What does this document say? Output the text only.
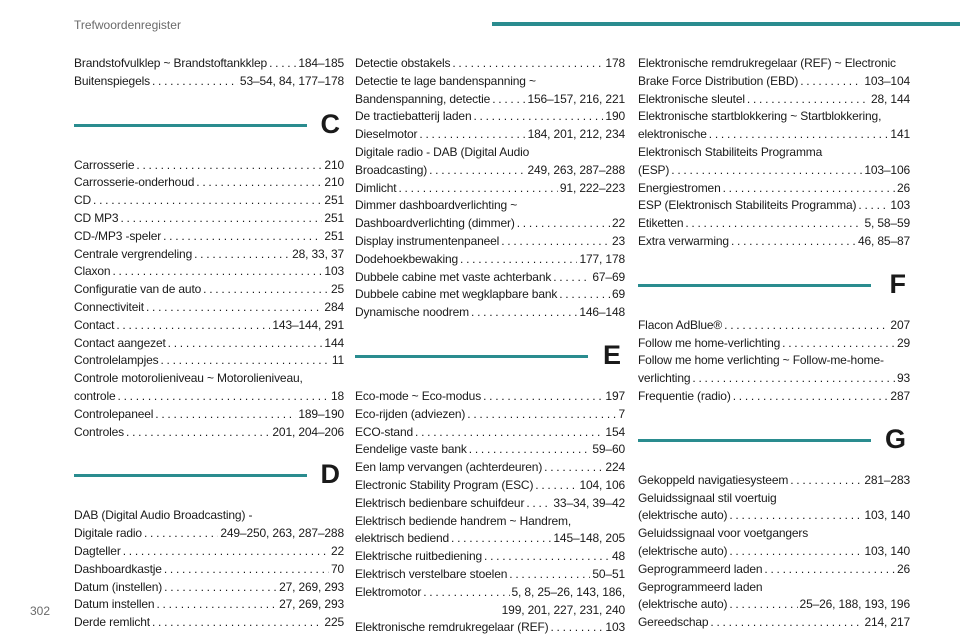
Trefwoordenregister
Brandstofvulklep ~ Brandstoftankklep . . .	184–185
Buitenspiegels . . .	53–54, 84, 177–178
C
Carrosserie . . .	210
Carrosserie-onderhoud . . .	210
CD . . .	251
CD MP3 . . .	251
CD-/MP3 -speler . . .	251
Centrale vergrendeling . . .	28, 33, 37
Claxon . . .	103
Configuratie van de auto . . .	25
Connectiviteit . . .	284
Contact . . .	143–144, 291
Contact aangezet . . .	144
Controlelampjes . . .	11
Controle motorolieniveau ~ Motorolieniveau,
controle . . .	18
Controlepaneel . . .	189–190
Controles . . .	201, 204–206
D
DAB (Digital Audio Broadcasting) -
Digitale radio . . .	249–250, 263, 287–288
Dagteller . . .	22
Dashboardkastje . . .	70
Datum (instellen) . . .	27, 269, 293
Datum instellen . . .	27, 269, 293
Derde remlicht . . .	225
Detectie obstakels . . .	178
Detectie te lage bandenspanning ~
Bandenspanning, detectie . . .	156–157, 216, 221
De tractiebatterij laden . . .	190
Dieselmotor . . .	184, 201, 212, 234
Digitale radio - DAB (Digital Audio
Broadcasting) . . .	249, 263, 287–288
Dimlicht . . .	91, 222–223
Dimmer dashboardverlichting ~
Dashboardverlichting (dimmer) . . .	22
Display instrumentenpaneel . . .	23
Dodehoekbewaking . . .	177, 178
Dubbele cabine met vaste achterbank . . .	67–69
Dubbele cabine met wegklapbare bank . . .	69
Dynamische noodrem . . .	146–148
E
Eco-mode ~ Eco-modus . . .	197
Eco-rijden (adviezen) . . .	7
ECO-stand . . .	154
Eendelige vaste bank . . .	59–60
Een lamp vervangen (achterdeuren) . . .	224
Electronic Stability Program (ESC) . . .	104, 106
Elektrisch bedienbare schuifdeur . . . 33–34, 39–42
Elektrisch bediende handrem ~ Handrem,
elektrisch bediend . . .	145–148, 205
Elektrische ruitbediening . . .	48
Elektrisch verstelbare stoelen . . .	50–51
Elektromotor . . .	5, 8, 25–26, 143, 186,
199, 201, 227, 231, 240
Elektronische remdrukregelaar (REF) . . .	103
Elektronische remdrukregelaar (REF) ~ Electronic
Brake Force Distribution (EBD) . . .	103–104
Elektronische sleutel . . .	28, 144
Elektronische startblokkering ~ Startblokkering,
elektronische . . .	141
Elektronisch Stabiliteits Programma
(ESP) . . .	103–106
Energiestromen . . .	26
ESP (Elektronisch Stabiliteits Programma) . . .	103
Etiketten . . .	5, 58–59
Extra verwarming . . .	46, 85–87
F
Flacon AdBlue® . . .	207
Follow me home-verlichting . . .	29
Follow me home verlichting ~ Follow-me-home-
verlichting . . .	93
Frequentie (radio) . . .	287
G
Gekoppeld navigatiesysteem . . .	281–283
Geluidssignaal stil voertuig
(elektrische auto) . . .	103, 140
Geluidssignaal voor voetgangers
(elektrische auto) . . .	103, 140
Geprogrammeerd laden . . .	26
Geprogrammeerd laden
(elektrische auto) . . .	25–26, 188, 193, 196
Gereedschap . . .	214, 217
302
